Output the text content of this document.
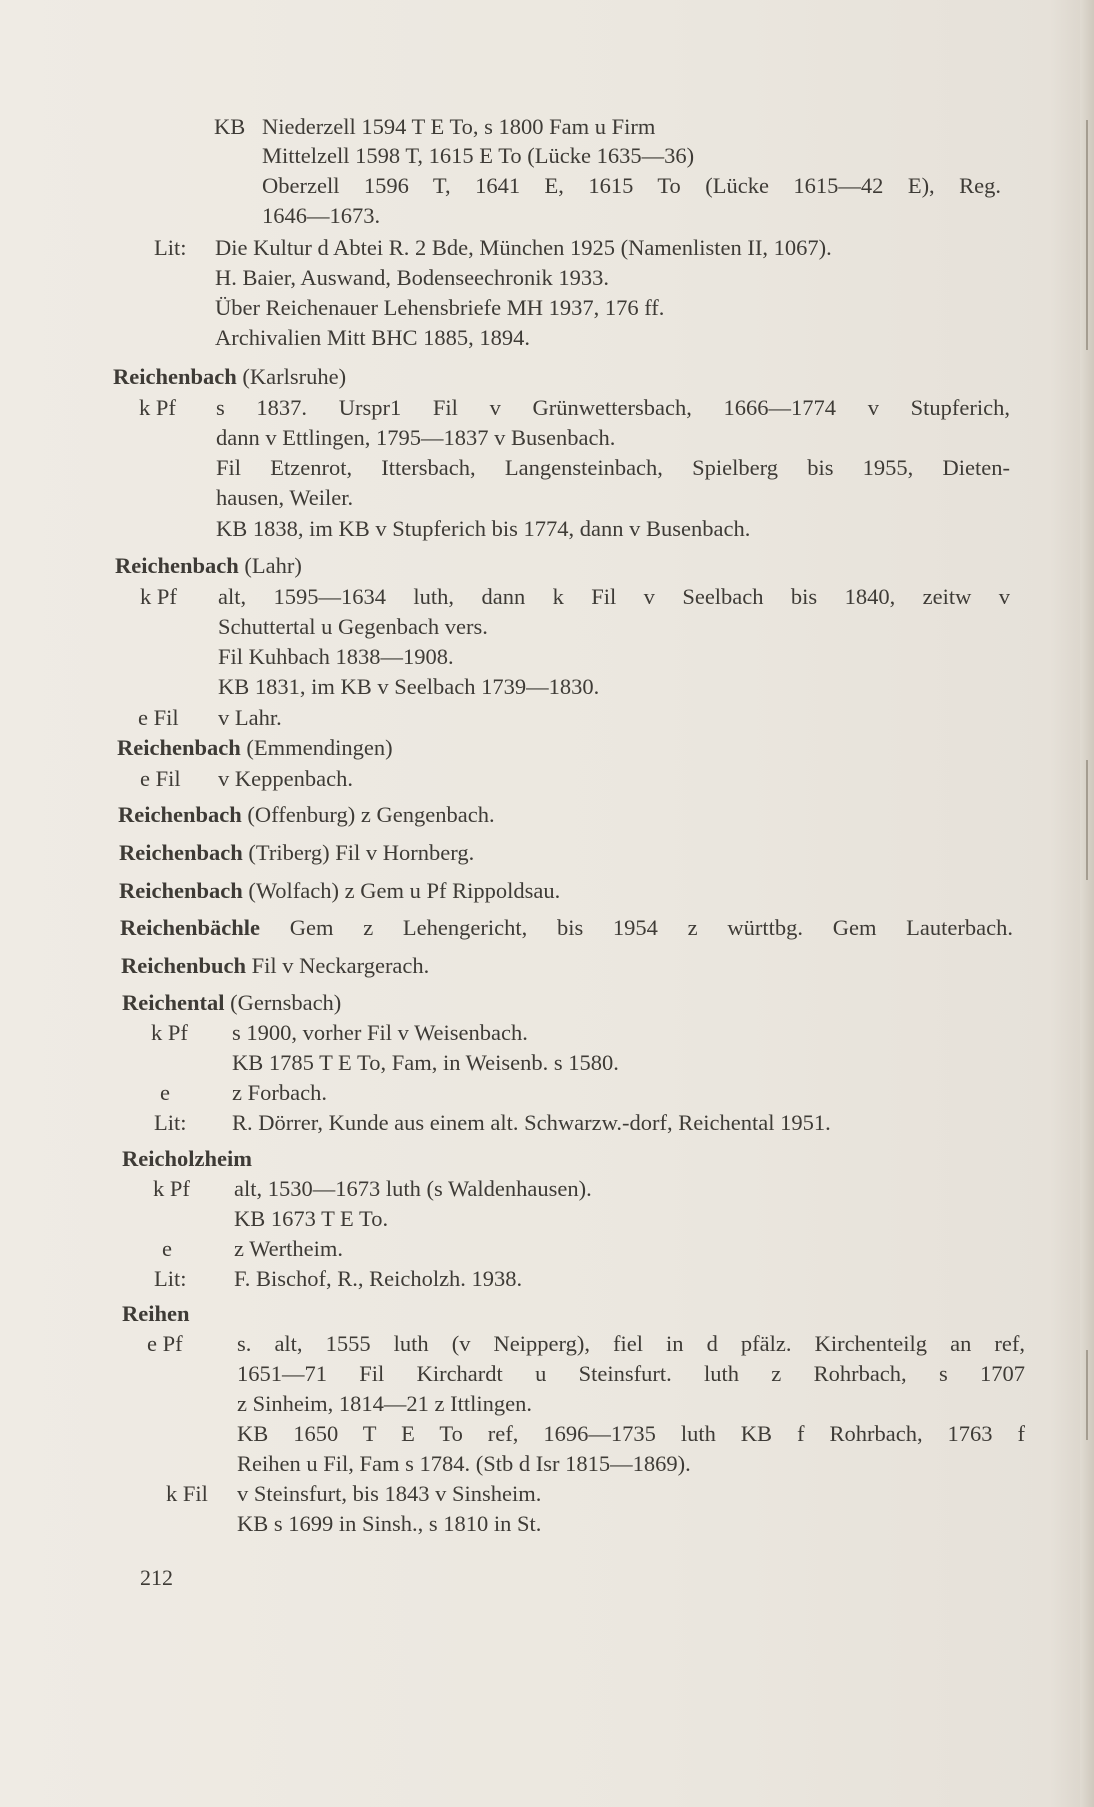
KB Niederzell 1594 T E To, s 1800 Fam u Firm
Mittelzell 1598 T, 1615 E To (Lücke 1635—36)
Oberzell 1596 T, 1641 E, 1615 To (Lücke 1615—42 E), Reg.
1646—1673.
Lit: Die Kultur d Abtei R. 2 Bde, München 1925 (Namenlisten II, 1067).
H. Baier, Auswand, Bodenseechronik 1933.
Über Reichenauer Lehensbriefe MH 1937, 176 ff.
Archivalien Mitt BHC 1885, 1894.
Reichenbach (Karlsruhe)
k Pf s 1837. Urspr1 Fil v Grünwettersbach, 1666—1774 v Stupferich,
dann v Ettlingen, 1795—1837 v Busenbach.
Fil Etzenrot, Ittersbach, Langensteinbach, Spielberg bis 1955, Dieten-
hausen, Weiler.
KB 1838, im KB v Stupferich bis 1774, dann v Busenbach.
Reichenbach (Lahr)
k Pf alt, 1595—1634 luth, dann k Fil v Seelbach bis 1840, zeitw v
Schuttertal u Gegenbach vers.
Fil Kuhbach 1838—1908.
KB 1831, im KB v Seelbach 1739—1830.
e Fil v Lahr.
Reichenbach (Emmendingen)
e Fil v Keppenbach.
Reichenbach (Offenburg) z Gengenbach.
Reichenbach (Triberg) Fil v Hornberg.
Reichenbach (Wolfach) z Gem u Pf Rippoldsau.
Reichenbächle Gem z Lehengericht, bis 1954 z württbg. Gem Lauterbach.
Reichenbuch Fil v Neckargerach.
Reichental (Gernsbach)
k Pf s 1900, vorher Fil v Weisenbach.
KB 1785 T E To, Fam, in Weisenb. s 1580.
e	z Forbach.
Lit: R. Dörrer, Kunde aus einem alt. Schwarzw.-dorf, Reichental 1951.
Reicholzheim
k Pf alt, 1530—1673 luth (s Waldenhausen).
KB 1673 T E To.
e	z Wertheim.
Lit: F. Bischof, R., Reicholzh. 1938.
Reihen
e Pf s. alt, 1555 luth (v Neipperg), fiel in d pfälz. Kirchenteilg an ref,
1651—71 Fil Kirchardt u Steinsfurt. luth z Rohrbach, s 1707
z Sinheim, 1814—21 z Ittlingen.
KB 1650 T E To ref, 1696—1735 luth KB f Rohrbach, 1763 f
Reihen u Fil, Fam s 1784. (Stb d Isr 1815—1869).
k Fil v Steinsfurt, bis 1843 v Sinsheim.
KB s 1699 in Sinsh., s 1810 in St.
212
